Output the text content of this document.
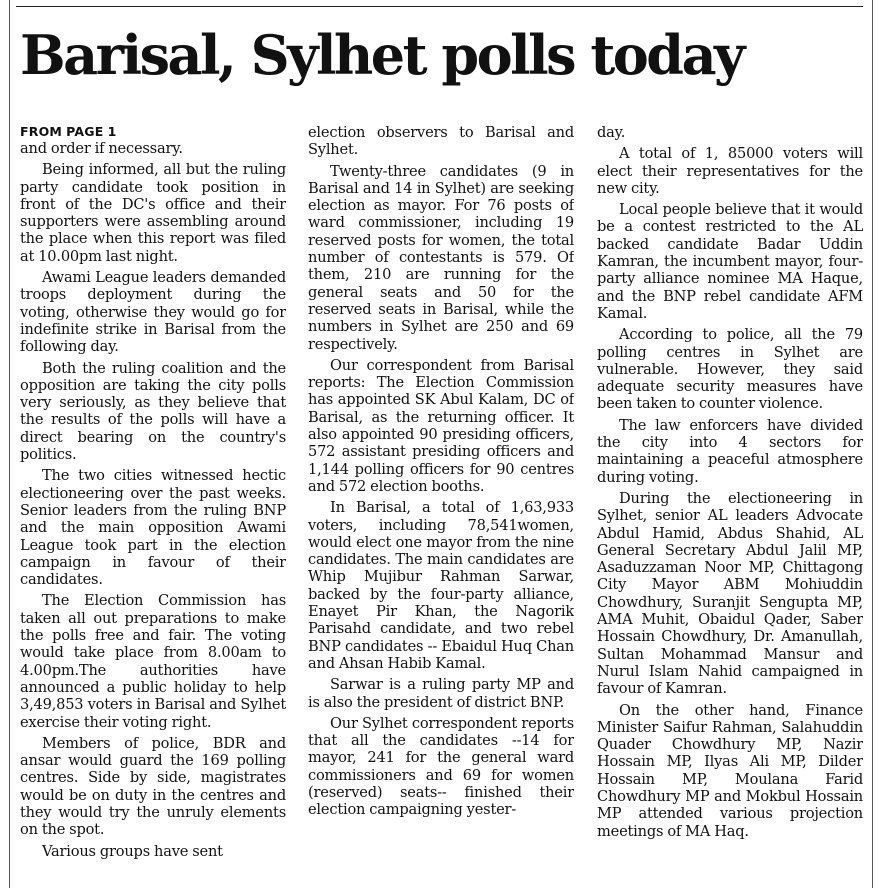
Barisal, Sylhet polls today
FROM PAGE 1

and order if necessary.

Being informed, all but the ruling party candidate took position in front of the DC's office and their supporters were assembling around the place when this report was filed at 10.00pm last night.

Awami League leaders demanded troops deployment during the voting, otherwise they would go for indefinite strike in Barisal from the following day.

Both the ruling coalition and the opposition are taking the city polls very seriously, as they believe that the results of the polls will have a direct bearing on the country's politics.

The two cities witnessed hectic electioneering over the past weeks. Senior leaders from the ruling BNP and the main opposition Awami League took part in the election campaign in favour of their candidates.

The Election Commission has taken all out preparations to make the polls free and fair. The voting would take place from 8.00am to 4.00pm.The authorities have announced a public holiday to help 3,49,853 voters in Barisal and Sylhet exercise their voting right.

Members of police, BDR and ansar would guard the 169 polling centres. Side by side, magistrates would be on duty in the centres and they would try the unruly elements on the spot.

Various groups have sent

election observers to Barisal and Sylhet.

Twenty-three candidates (9 in Barisal and 14 in Sylhet) are seeking election as mayor. For 76 posts of ward commissioner, including 19 reserved posts for women, the total number of contestants is 579. Of them, 210 are running for the general seats and 50 for the reserved seats in Barisal, while the numbers in Sylhet are 250 and 69 respectively.

Our correspondent from Barisal reports: The Election Commission has appointed SK Abul Kalam, DC of Barisal, as the returning officer. It also appointed 90 presiding officers, 572 assistant presiding officers and 1,144 polling officers for 90 centres and 572 election booths.

In Barisal, a total of 1,63,933 voters, including 78,541women, would elect one mayor from the nine candidates. The main candidates are Whip Mujibur Rahman Sarwar, backed by the four-party alliance, Enayet Pir Khan, the Nagorik Parisahd candidate, and two rebel BNP candidates -- Ebaidul Huq Chan and Ahsan Habib Kamal.

Sarwar is a ruling party MP and is also the president of district BNP.

Our Sylhet correspondent reports that all the candidates --14 for mayor, 241 for the general ward commissioners and 69 for women (reserved) seats-- finished their election campaigning yester-

day.

A total of 1, 85000 voters will elect their representatives for the new city.

Local people believe that it would be a contest restricted to the AL backed candidate Badar Uddin Kamran, the incumbent mayor, four-party alliance nominee MA Haque, and the BNP rebel candidate AFM Kamal.

According to police, all the 79 polling centres in Sylhet are vulnerable. However, they said adequate security measures have been taken to counter violence.

The law enforcers have divided the city into 4 sectors for maintaining a peaceful atmosphere during voting.

During the electioneering in Sylhet, senior AL leaders Advocate Abdul Hamid, Abdus Shahid, AL General Secretary Abdul Jalil MP, Asaduzzaman Noor MP, Chittagong City Mayor ABM Mohiuddin Chowdhury, Suranjit Sengupta MP, AMA Muhit, Obaidul Qader, Saber Hossain Chowdhury, Dr. Amanullah, Sultan Mohammad Mansur and Nurul Islam Nahid campaigned in favour of Kamran.

On the other hand, Finance Minister Saifur Rahman, Salahuddin Quader Chowdhury MP, Nazir Hossain MP, Ilyas Ali MP, Dilder Hossain MP, Moulana Farid Chowdhury MP and Mokbul Hossain MP attended various projection meetings of MA Haq.
